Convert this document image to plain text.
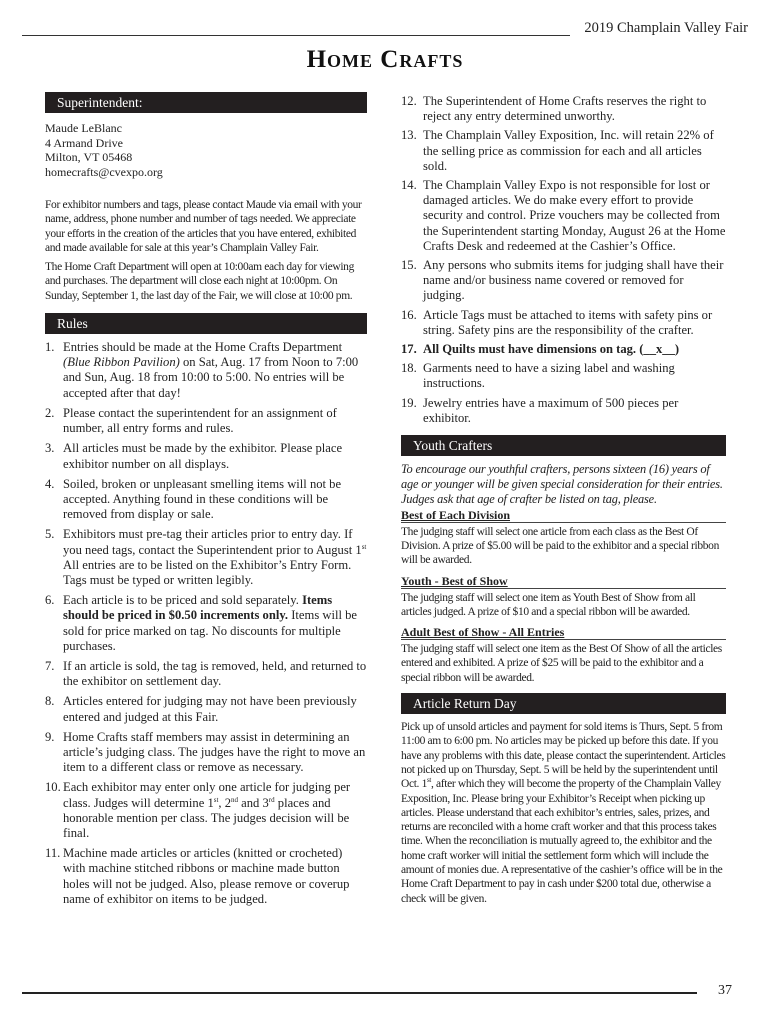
2019 Champlain Valley Fair
Home Crafts
Superintendent:

Maude LeBlanc

4 Armand Drive

Milton, VT 05468

homecrafts@cvexpo.org

For exhibitor numbers and tags, please contact Maude via email with your name, address, phone number and number of tags needed. We appreciate your efforts in the creation of the articles that you have entered, exhibited and made available for sale at this year’s Champlain Valley Fair.

The Home Craft Department will open at 10:00am each day for viewing and purchases. The department will close each night at 10:00pm. On Sunday, September 1, the last day of the Fair, we will close at 10:00 pm.

Rules
1. Entries should be made at the Home Crafts Department (Blue Ribbon Pavilion) on Sat, Aug. 17 from Noon to 7:00 and Sun, Aug. 18 from 10:00 to 5:00. No entries will be accepted after that day!
2. Please contact the superintendent for an assignment of number, all entry forms and rules.
3. All articles must be made by the exhibitor. Please place exhibitor number on all displays.
4. Soiled, broken or unpleasant smelling items will not be accepted. Anything found in these conditions will be removed from display or sale.
5. Exhibitors must pre-tag their articles prior to entry day. If you need tags, contact the Superintendent prior to August 1st All entries are to be listed on the Exhibitor’s Entry Form. Tags must be typed or written legibly.
6. Each article is to be priced and sold separately. Items should be priced in $0.50 increments only. Items will be sold for price marked on tag. No discounts for multiple purchases.
7. If an article is sold, the tag is removed, held, and returned to the exhibitor on settlement day.
8. Articles entered for judging may not have been previously entered and judged at this Fair.
9. Home Crafts staff members may assist in determining an article’s judging class. The judges have the right to move an item to a different class or remove as necessary.
10. Each exhibitor may enter only one article for judging per class. Judges will determine 1st, 2nd and 3rd places and honorable mention per class. The judges decision will be final.
11. Machine made articles or articles (knitted or crocheted) with machine stitched ribbons or machine made button holes will not be judged. Also, please remove or coverup name of exhibitor on items to be judged.
12. The Superintendent of Home Crafts reserves the right to reject any entry determined unworthy.
13. The Champlain Valley Exposition, Inc. will retain 22% of the selling price as commission for each and all articles sold.
14. The Champlain Valley Expo is not responsible for lost or damaged articles. We do make every effort to provide security and control. Prize vouchers may be collected from the Superintendent starting Monday, August 26 at the Home Crafts Desk and redeemed at the Cashier’s Office.
15. Any persons who submits items for judging shall have their name and/or business name covered or removed for judging.
16. Article Tags must be attached to items with safety pins or string. Safety pins are the responsibility of the crafter.
17. All Quilts must have dimensions on tag. (__x__)
18. Garments need to have a sizing label and washing instructions.
19. Jewelry entries have a maximum of 500 pieces per exhibitor.
Youth Crafters

To encourage our youthful crafters, persons sixteen (16) years of age or younger will be given special consideration for their entries. Judges ask that age of crafter be listed on tag, please.

Best of Each Division

The judging staff will select one article from each class as the Best Of Division. A prize of $5.00 will be paid to the exhibitor and a special ribbon will be awarded.

Youth - Best of Show

The judging staff will select one item as Youth Best of Show from all articles judged. A prize of $10 and a special ribbon will be awarded.

Adult Best of Show - All Entries

The judging staff will select one item as the Best Of Show of all the articles entered and exhibited. A prize of $25 will be paid to the exhibitor and a special ribbon will be awarded.

Article Return Day

Pick up of unsold articles and payment for sold items is Thurs, Sept. 5 from 11:00 am to 6:00 pm. No articles may be picked up before this date. If you have any problems with this date, please contact the superintendent. Articles not picked up on Thursday, Sept. 5 will be held by the superintendent until Oct. 1st, after which they will become the property of the Champlain Valley Exposition, Inc. Please bring your Exhibitor’s Receipt when picking up articles. Please understand that each exhibitor’s entries, sales, prizes, and returns are reconciled with a home craft worker and that this process takes time. When the reconciliation is mutually agreed to, the exhibitor and the home craft worker will initial the settlement form which will include the amount of monies due. A representative of the cashier’s office will be in the Home Craft Department to pay in cash under $200 total due, otherwise a check will be given.

37
